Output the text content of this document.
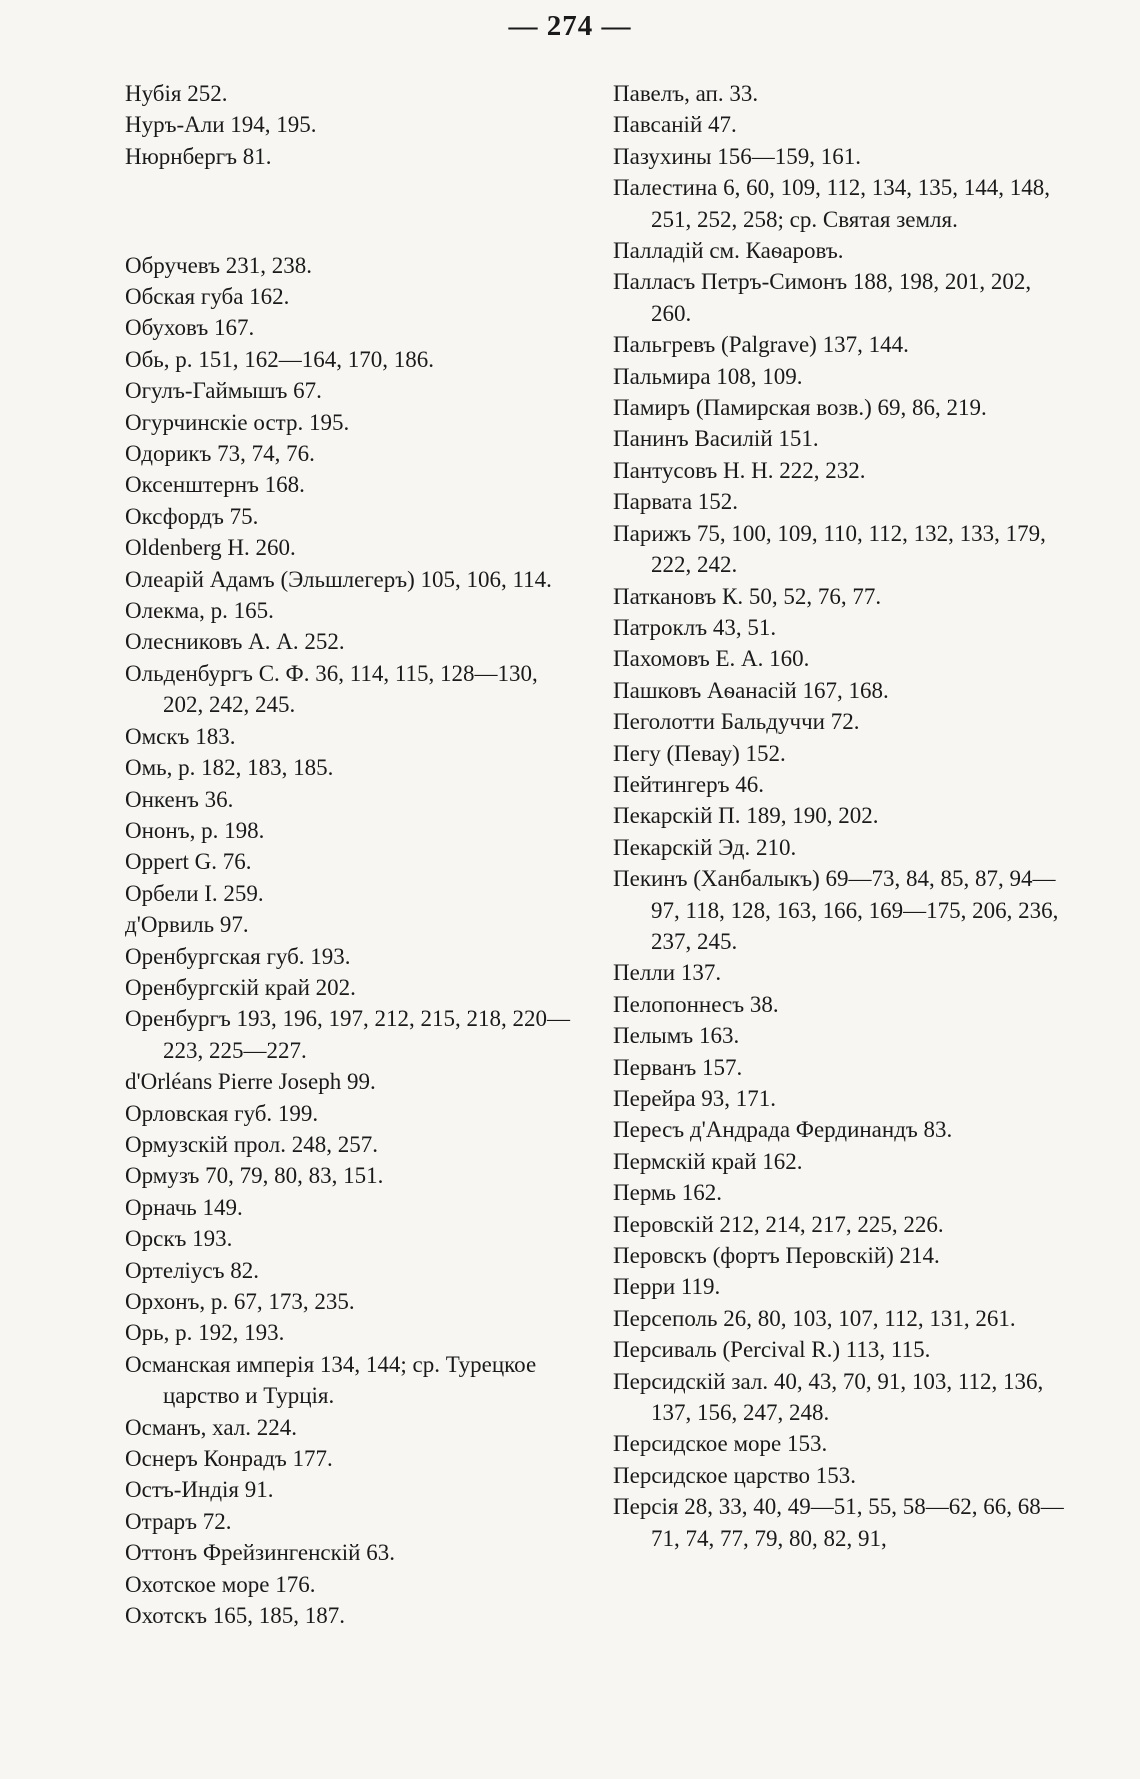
— 274 —

Нубія 252.

Нуръ-Али 194, 195.

Нюрнбергъ 81.

Обручевъ 231, 238.

Обская губа 162.

Обуховъ 167.

Обь, р. 151, 162—164, 170, 186.

Огулъ-Гаймышъ 67.

Огурчинскіе остр. 195.

Одорикъ 73, 74, 76.

Оксенштернъ 168.

Оксфордъ 75.

Oldenberg H. 260.

Олеарій Адамъ (Эльшлегеръ) 105, 106, 114.

Олекма, р. 165.

Олесниковъ А. А. 252.

Ольденбургъ С. Ф. 36, 114, 115, 128—130, 202, 242, 245.

Омскъ 183.

Омь, р. 182, 183, 185.

Онкенъ 36.

Ононъ, р. 198.

Oppert G. 76.

Орбели І. 259.

д'Орвиль 97.

Оренбургская губ. 193.

Оренбургскій край 202.

Оренбургъ 193, 196, 197, 212, 215, 218, 220—223, 225—227.

d'Orléans Pierre Joseph 99.

Орловская губ. 199.

Ормузскій прол. 248, 257.

Ормузъ 70, 79, 80, 83, 151.

Орначь 149.

Орскъ 193.

Ортеліусъ 82.

Орхонъ, р. 67, 173, 235.

Орь, р. 192, 193.

Османская имперія 134, 144; ср. Турецкое царство и Турція.

Османъ, хал. 224.

Оснеръ Конрадъ 177.

Остъ-Индія 91.

Отраръ 72.

Оттонъ Фрейзингенскій 63.

Охотское море 176.

Охотскъ 165, 185, 187.

Павелъ, ап. 33.

Павсаній 47.

Пазухины 156—159, 161.

Палестина 6, 60, 109, 112, 134, 135, 144, 148, 251, 252, 258; ср. Святая земля.

Палладій см. Каѳаровъ.

Палласъ Петръ-Симонъ 188, 198, 201, 202, 260.

Пальгревъ (Palgrave) 137, 144.

Пальмира 108, 109.

Памиръ (Памирская возв.) 69, 86, 219.

Панинъ Василій 151.

Пантусовъ Н. Н. 222, 232.

Парвата 152.

Парижъ 75, 100, 109, 110, 112, 132, 133, 179, 222, 242.

Паткановъ К. 50, 52, 76, 77.

Патроклъ 43, 51.

Пахомовъ Е. А. 160.

Пашковъ Аѳанасій 167, 168.

Пеголотти Бальдуччи 72.

Пегу (Певау) 152.

Пейтингеръ 46.

Пекарскій П. 189, 190, 202.

Пекарскій Эд. 210.

Пекинъ (Ханбалыкъ) 69—73, 84, 85, 87, 94—97, 118, 128, 163, 166, 169—175, 206, 236, 237, 245.

Пелли 137.

Пелопоннесъ 38.

Пелымъ 163.

Перванъ 157.

Перейра 93, 171.

Пересъ д'Андрада Фердинандъ 83.

Пермскій край 162.

Пермь 162.

Перовскій 212, 214, 217, 225, 226.

Перовскъ (фортъ Перовскій) 214.

Перри 119.

Персеполь 26, 80, 103, 107, 112, 131, 261.

Персиваль (Percival R.) 113, 115.

Персидскій зал. 40, 43, 70, 91, 103, 112, 136, 137, 156, 247, 248.

Персидское море 153.

Персидское царство 153.

Персія 28, 33, 40, 49—51, 55, 58—62, 66, 68—71, 74, 77, 79, 80, 82, 91,
